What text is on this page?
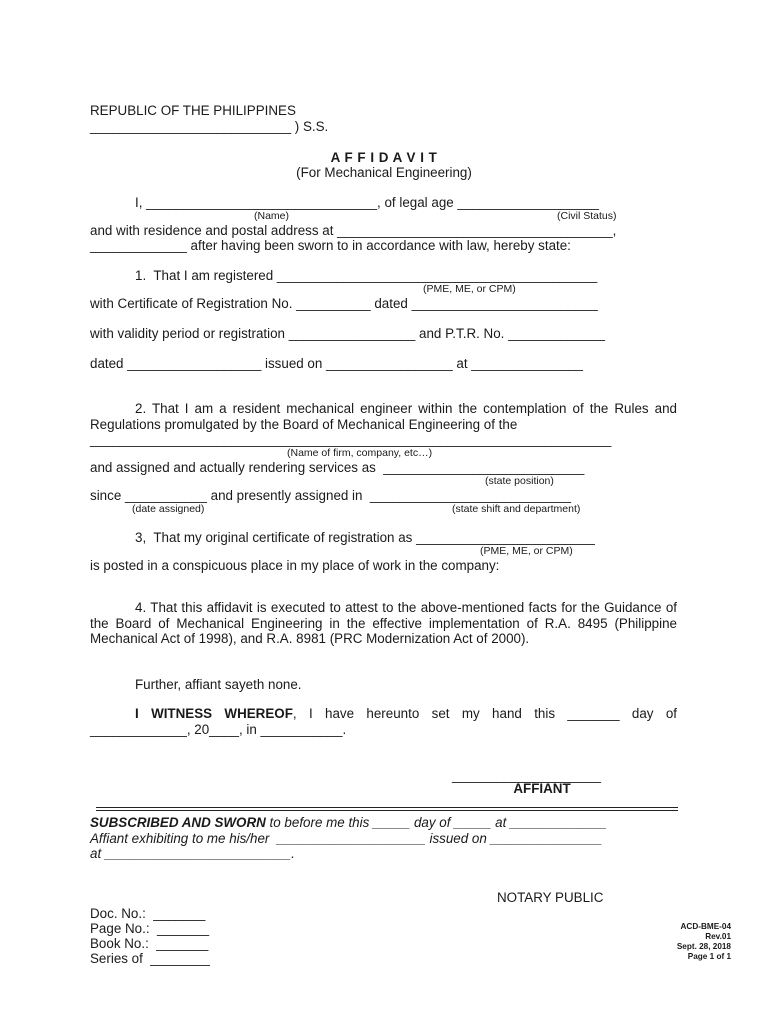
REPUBLIC OF THE PHILIPPINES
___________________________ ) S.S.
A F F I D A V I T
(For Mechanical Engineering)
I, _______________________________, of legal age ___________________
(Name)	(Civil Status)
and with residence and postal address at _____________________________________,
_____________ after having been sworn to in accordance with law, hereby state:
1.  That I am registered ___________________________________________
(PME, ME, or CPM)
with Certificate of Registration No. __________ dated _________________________
with validity period or registration _________________ and P.T.R. No. _____________
dated __________________ issued on _________________ at _______________
2. That I am a resident mechanical engineer within the contemplation of the Rules and Regulations promulgated by the Board of Mechanical Engineering of the
______________________________________________________________________
(Name of firm, company, etc…)
and assigned and actually rendering services as  ___________________________
(state position)
since ___________ and presently assigned in  ___________________________
(date assigned)	(state shift and department)
3,  That my original certificate of registration as ________________________
(PME, ME, or CPM)
is posted in a conspicuous place in my place of work in the company:
4. That this affidavit is executed to attest to the above-mentioned facts for the Guidance of the Board of Mechanical Engineering in the effective implementation of R.A. 8495 (Philippine Mechanical Act of 1998), and R.A. 8981 (PRC Modernization Act of 2000).
Further, affiant sayeth none.
I WITNESS WHEREOF, I have hereunto set my hand this _______ day of _____________, 20____, in ___________.
____________________
AFFIANT
SUBSCRIBED AND SWORN to before me this _____ day of _____ at _____________
Affiant exhibiting to me his/her  ____________________ issued on _______________
at _________________________.
NOTARY PUBLIC
Doc. No.:  _______
Page No.:  _______
Book No.:  _______
Series of  ________
ACD-BME-04
Rev.01
Sept. 28, 2018
Page 1 of 1
